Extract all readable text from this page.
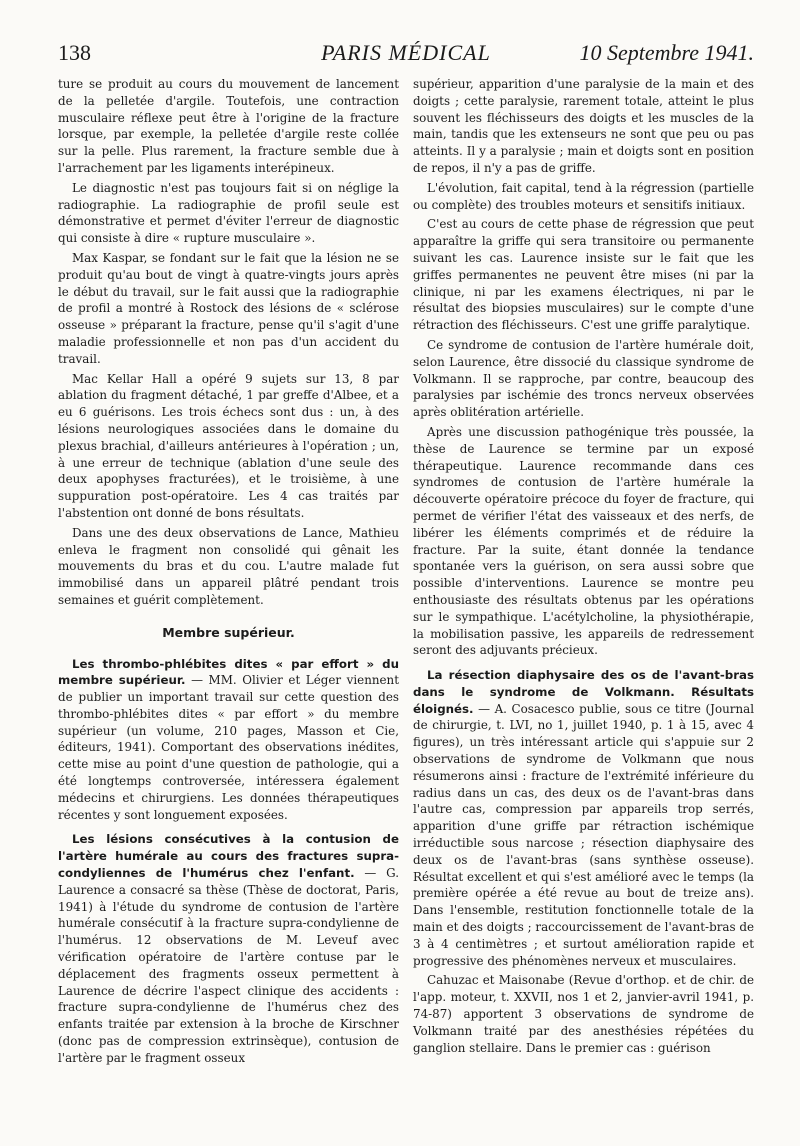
138	PARIS MÉDICAL	10 Septembre 1941.

ture se produit au cours du mouvement de lancement de la pelletée d'argile. Toutefois, une contraction musculaire réflexe peut être à l'origine de la fracture lorsque, par exemple, la pelletée d'argile reste collée sur la pelle. Plus rarement, la fracture semble due à l'arrachement par les ligaments interépineux.

Le diagnostic n'est pas toujours fait si on néglige la radiographie. La radiographie de profil seule est démonstrative et permet d'éviter l'erreur de diagnostic qui consiste à dire « rupture musculaire ».

Max Kaspar, se fondant sur le fait que la lésion ne se produit qu'au bout de vingt à quatre-vingts jours après le début du travail, sur le fait aussi que la radiographie de profil a montré à Rostock des lésions de « sclérose osseuse » préparant la fracture, pense qu'il s'agit d'une maladie professionnelle et non pas d'un accident du travail.

Mac Kellar Hall a opéré 9 sujets sur 13, 8 par ablation du fragment détaché, 1 par greffe d'Albee, et a eu 6 guérisons. Les trois échecs sont dus : un, à des lésions neurologiques associées dans le domaine du plexus brachial, d'ailleurs antérieures à l'opération ; un, à une erreur de technique (ablation d'une seule des deux apophyses fracturées), et le troisième, à une suppuration post-opératoire. Les 4 cas traités par l'abstention ont donné de bons résultats.

Dans une des deux observations de Lance, Mathieu enleva le fragment non consolidé qui gênait les mouvements du bras et du cou. L'autre malade fut immobilisé dans un appareil plâtré pendant trois semaines et guérit complètement.

Membre supérieur.

Les thrombo-phlébites dites « par effort » du membre supérieur. — MM. Olivier et Léger viennent de publier un important travail sur cette question des thrombo-phlébites dites « par effort » du membre supérieur (un volume, 210 pages, Masson et Cie, éditeurs, 1941). Comportant des observations inédites, cette mise au point d'une question de pathologie, qui a été longtemps controversée, intéressera également médecins et chirurgiens. Les données thérapeutiques récentes y sont longuement exposées.

Les lésions consécutives à la contusion de l'artère humérale au cours des fractures supra-condyliennes de l'humérus chez l'enfant. — G. Laurence a consacré sa thèse (Thèse de doctorat, Paris, 1941) à l'étude du syndrome de contusion de l'artère humérale consécutif à la fracture supra-condylienne de l'humérus. 12 observations de M. Leveuf avec vérification opératoire de l'artère contuse par le déplacement des fragments osseux permettent à Laurence de décrire l'aspect clinique des accidents : fracture supra-condylienne de l'humérus chez des enfants traitée par extension à la broche de Kirschner (donc pas de compression extrinsèque), contusion de l'artère par le fragment osseux

supérieur, apparition d'une paralysie de la main et des doigts ; cette paralysie, rarement totale, atteint le plus souvent les fléchisseurs des doigts et les muscles de la main, tandis que les extenseurs ne sont que peu ou pas atteints. Il y a paralysie ; main et doigts sont en position de repos, il n'y a pas de griffe.

L'évolution, fait capital, tend à la régression (partielle ou complète) des troubles moteurs et sensitifs initiaux.

C'est au cours de cette phase de régression que peut apparaître la griffe qui sera transitoire ou permanente suivant les cas. Laurence insiste sur le fait que les griffes permanentes ne peuvent être mises (ni par la clinique, ni par les examens électriques, ni par le résultat des biopsies musculaires) sur le compte d'une rétraction des fléchisseurs. C'est une griffe paralytique.

Ce syndrome de contusion de l'artère humérale doit, selon Laurence, être dissocié du classique syndrome de Volkmann. Il se rapproche, par contre, beaucoup des paralysies par ischémie des troncs nerveux observées après oblitération artérielle.

Après une discussion pathogénique très poussée, la thèse de Laurence se termine par un exposé thérapeutique. Laurence recommande dans ces syndromes de contusion de l'artère humérale la découverte opératoire précoce du foyer de fracture, qui permet de vérifier l'état des vaisseaux et des nerfs, de libérer les éléments comprimés et de réduire la fracture. Par la suite, étant donnée la tendance spontanée vers la guérison, on sera aussi sobre que possible d'interventions. Laurence se montre peu enthousiaste des résultats obtenus par les opérations sur le sympathique. L'acétylcholine, la physiothérapie, la mobilisation passive, les appareils de redressement seront des adjuvants précieux.

La résection diaphysaire des os de l'avant-bras dans le syndrome de Volkmann. Résultats éloignés. — A. Cosacesco publie, sous ce titre (Journal de chirurgie, t. LVI, no 1, juillet 1940, p. 1 à 15, avec 4 figures), un très intéressant article qui s'appuie sur 2 observations de syndrome de Volkmann que nous résumerons ainsi : fracture de l'extrémité inférieure du radius dans un cas, des deux os de l'avant-bras dans l'autre cas, compression par appareils trop serrés, apparition d'une griffe par rétraction ischémique irréductible sous narcose ; résection diaphysaire des deux os de l'avant-bras (sans synthèse osseuse). Résultat excellent et qui s'est amélioré avec le temps (la première opérée a été revue au bout de treize ans). Dans l'ensemble, restitution fonctionnelle totale de la main et des doigts ; raccourcissement de l'avant-bras de 3 à 4 centimètres ; et surtout amélioration rapide et progressive des phénomènes nerveux et musculaires.

Cahuzac et Maisonabe (Revue d'orthop. et de chir. de l'app. moteur, t. XXVII, nos 1 et 2, janvier-avril 1941, p. 74-87) apportent 3 observations de syndrome de Volkmann traité par des anesthésies répétées du ganglion stellaire. Dans le premier cas : guérison
